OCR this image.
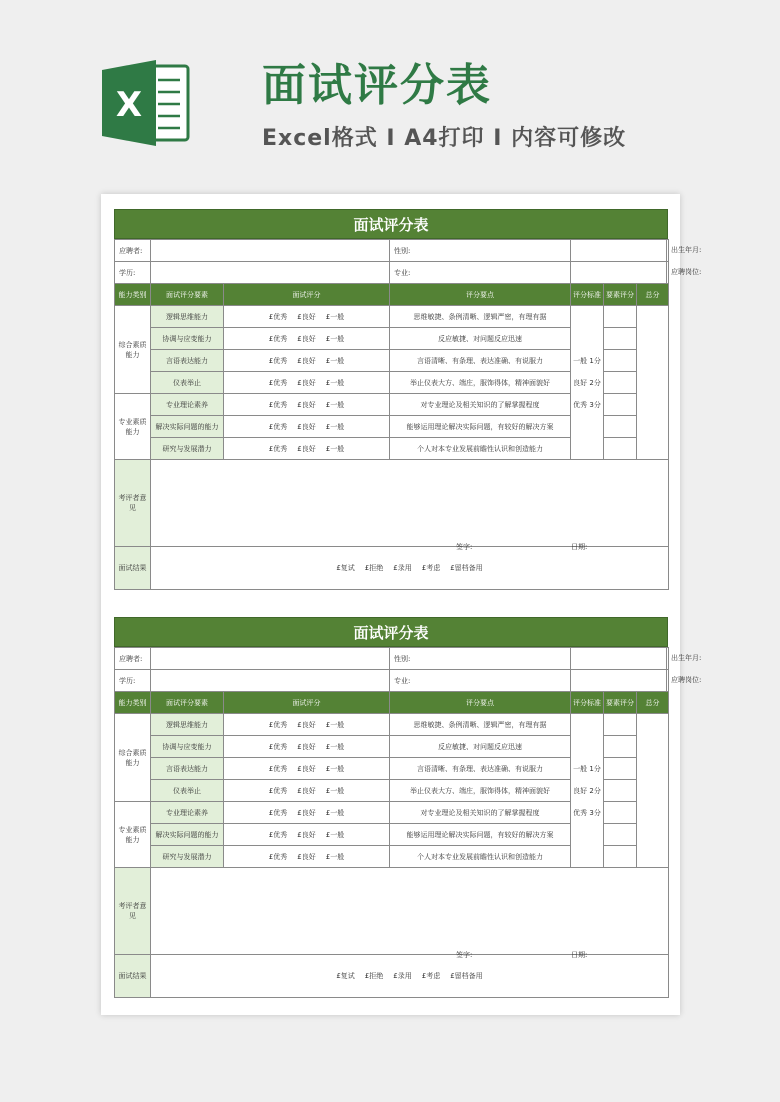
X	面试评分表
Excel格式 I A4打印 I 内容可修改
面试评分表
应聘者:			性别:	出生年月:		

学历:			专业:	应聘岗位:		

能力类别	面试评分要素	面试评分	评分要点	评分标准	要素评分	总分
综合素质能力	逻辑思维能力	£优秀 £良好 £一般	思维敏捷、条例清晰、逻辑严密，有理有据	一般 1分
良好 2分
优秀 3分		

	协调与应变能力	£优秀 £良好 £一般	反应敏捷、对问题反应迅速			
	言语表达能力	£优秀 £良好 £一般	言语清晰、有条理、表达准确、有说服力			
	仪表举止	£优秀 £良好 £一般	举止仪表大方、端庄，服饰得体，精神面貌好			
专业素质能力	专业理论素养	£优秀 £良好 £一般	对专业理论及相关知识的了解掌握程度			
	解决实际问题的能力	£优秀 £良好 £一般	能够运用理论解决实际问题，有较好的解决方案			
	研究与发展潜力	£优秀 £良好 £一般	个人对本专业发展前瞻性认识和创造能力			
考评者意见	签字: 日期:					

面试结果	£复试 £拒绝 £录用 £考虑 £留档备用					
面试评分表
应聘者:			性别:	出生年月:		

学历:			专业:	应聘岗位:		

能力类别	面试评分要素	面试评分	评分要点	评分标准	要素评分	总分
综合素质能力	逻辑思维能力	£优秀 £良好 £一般	思维敏捷、条例清晰、逻辑严密，有理有据	一般 1分
良好 2分
优秀 3分		

	协调与应变能力	£优秀 £良好 £一般	反应敏捷、对问题反应迅速			
	言语表达能力	£优秀 £良好 £一般	言语清晰、有条理、表达准确、有说服力			
	仪表举止	£优秀 £良好 £一般	举止仪表大方、端庄，服饰得体，精神面貌好			
专业素质能力	专业理论素养	£优秀 £良好 £一般	对专业理论及相关知识的了解掌握程度			
	解决实际问题的能力	£优秀 £良好 £一般	能够运用理论解决实际问题，有较好的解决方案			
	研究与发展潜力	£优秀 £良好 £一般	个人对本专业发展前瞻性认识和创造能力			
考评者意见	签字: 日期:					

面试结果	£复试 £拒绝 £录用 £考虑 £留档备用					
